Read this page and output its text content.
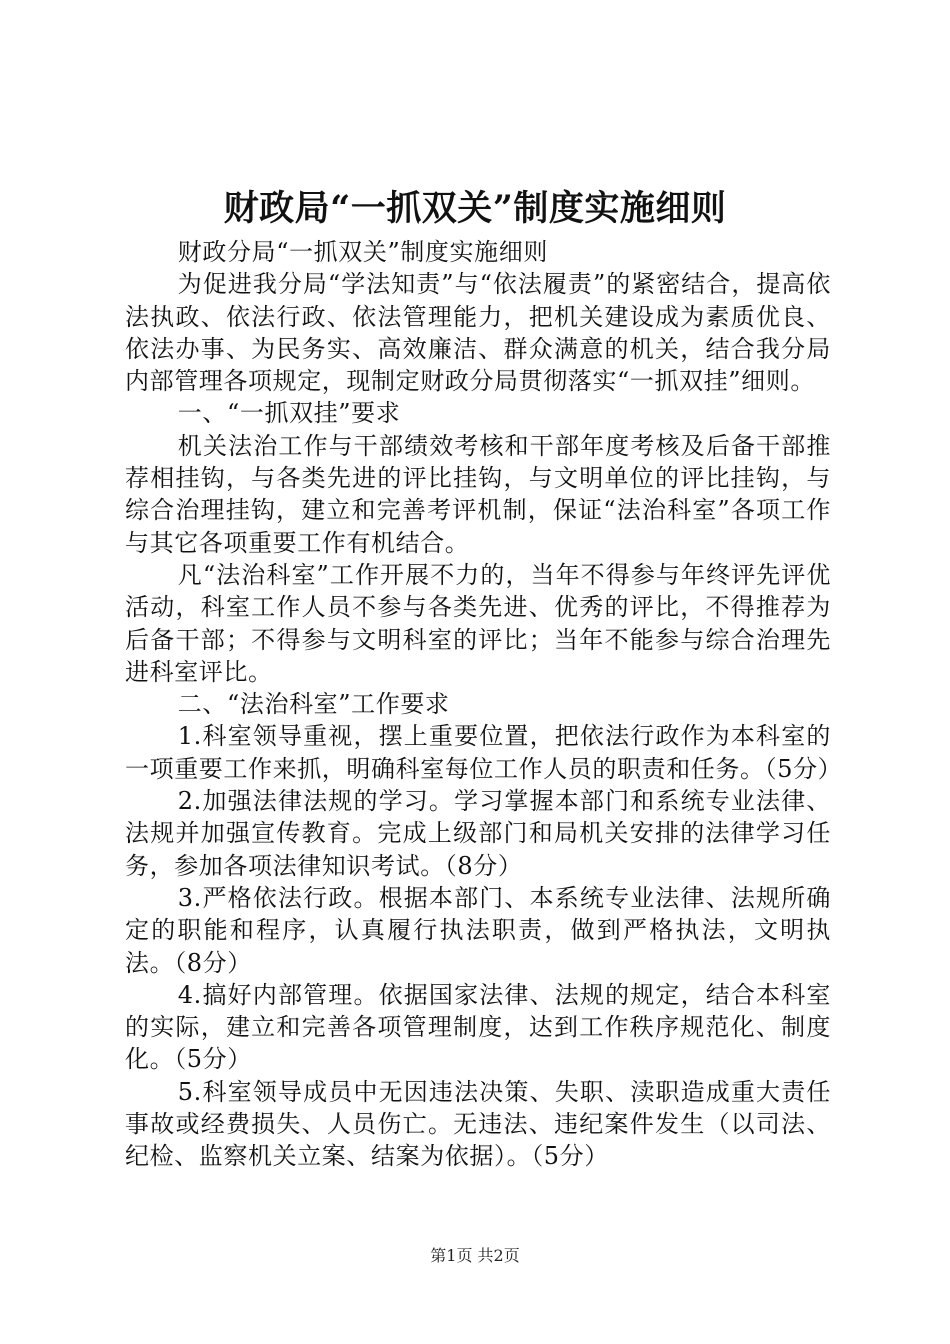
财政局“一抓双关”制度实施细则

财政分局“一抓双关”制度实施细则

为促进我分局“学法知责”与“依法履责”的紧密结合，提高依法执政、依法行政、依法管理能力，把机关建设成为素质优良、依法办事、为民务实、高效廉洁、群众满意的机关，结合我分局内部管理各项规定，现制定财政分局贯彻落实“一抓双挂”细则。

一、“一抓双挂”要求

机关法治工作与干部绩效考核和干部年度考核及后备干部推荐相挂钩，与各类先进的评比挂钩，与文明单位的评比挂钩，与综合治理挂钩，建立和完善考评机制，保证“法治科室”各项工作与其它各项重要工作有机结合。

凡“法治科室”工作开展不力的，当年不得参与年终评先评优活动，科室工作人员不参与各类先进、优秀的评比，不得推荐为后备干部；不得参与文明科室的评比；当年不能参与综合治理先进科室评比。

二、“法治科室”工作要求

1.科室领导重视，摆上重要位置，把依法行政作为本科室的一项重要工作来抓，明确科室每位工作人员的职责和任务。（5分）

2.加强法律法规的学习。学习掌握本部门和系统专业法律、法规并加强宣传教育。完成上级部门和局机关安排的法律学习任务，参加各项法律知识考试。（8分）

3.严格依法行政。根据本部门、本系统专业法律、法规所确定的职能和程序，认真履行执法职责，做到严格执法，文明执法。（8分）

4.搞好内部管理。依据国家法律、法规的规定，结合本科室的实际，建立和完善各项管理制度，达到工作秩序规范化、制度化。（5分）

5.科室领导成员中无因违法决策、失职、渎职造成重大责任事故或经费损失、人员伤亡。无违法、违纪案件发生（以司法、纪检、监察机关立案、结案为依据）。（5分）

第1页 共2页
